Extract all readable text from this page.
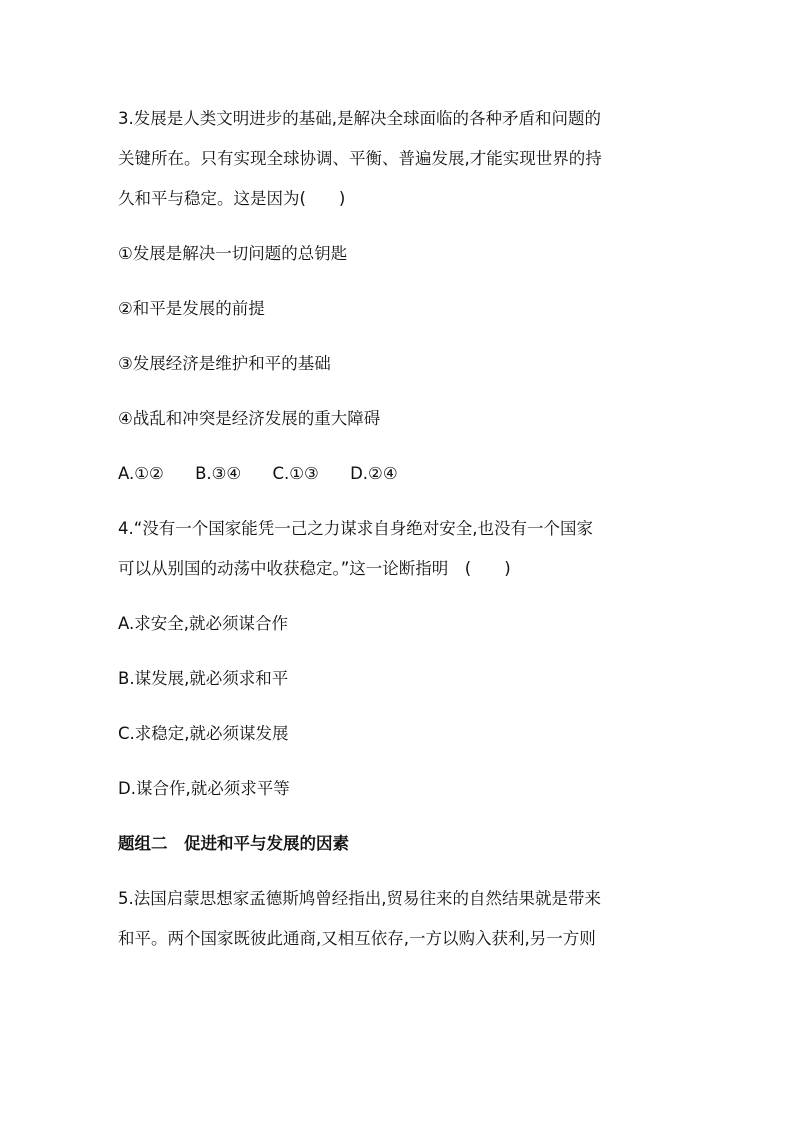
3.发展是人类文明进步的基础,是解决全球面临的各种矛盾和问题的
关键所在。只有实现全球协调、平衡、普遍发展,才能实现世界的持
久和平与稳定。这是因为(　　)
①发展是解决一切问题的总钥匙
②和平是发展的前提
③发展经济是维护和平的基础
④战乱和冲突是经济发展的重大障碍
A.①② B.③④ C.①③ D.②④
4.“没有一个国家能凭一己之力谋求自身绝对安全,也没有一个国家
可以从别国的动荡中收获稳定。”这一论断指明　(　　)
A.求安全,就必须谋合作
B.谋发展,就必须求和平
C.求稳定,就必须谋发展
D.谋合作,就必须求平等
题组二　促进和平与发展的因素
5.法国启蒙思想家孟德斯鸠曾经指出,贸易往来的自然结果就是带来
和平。两个国家既彼此通商,又相互依存,一方以购入获利,另一方则
